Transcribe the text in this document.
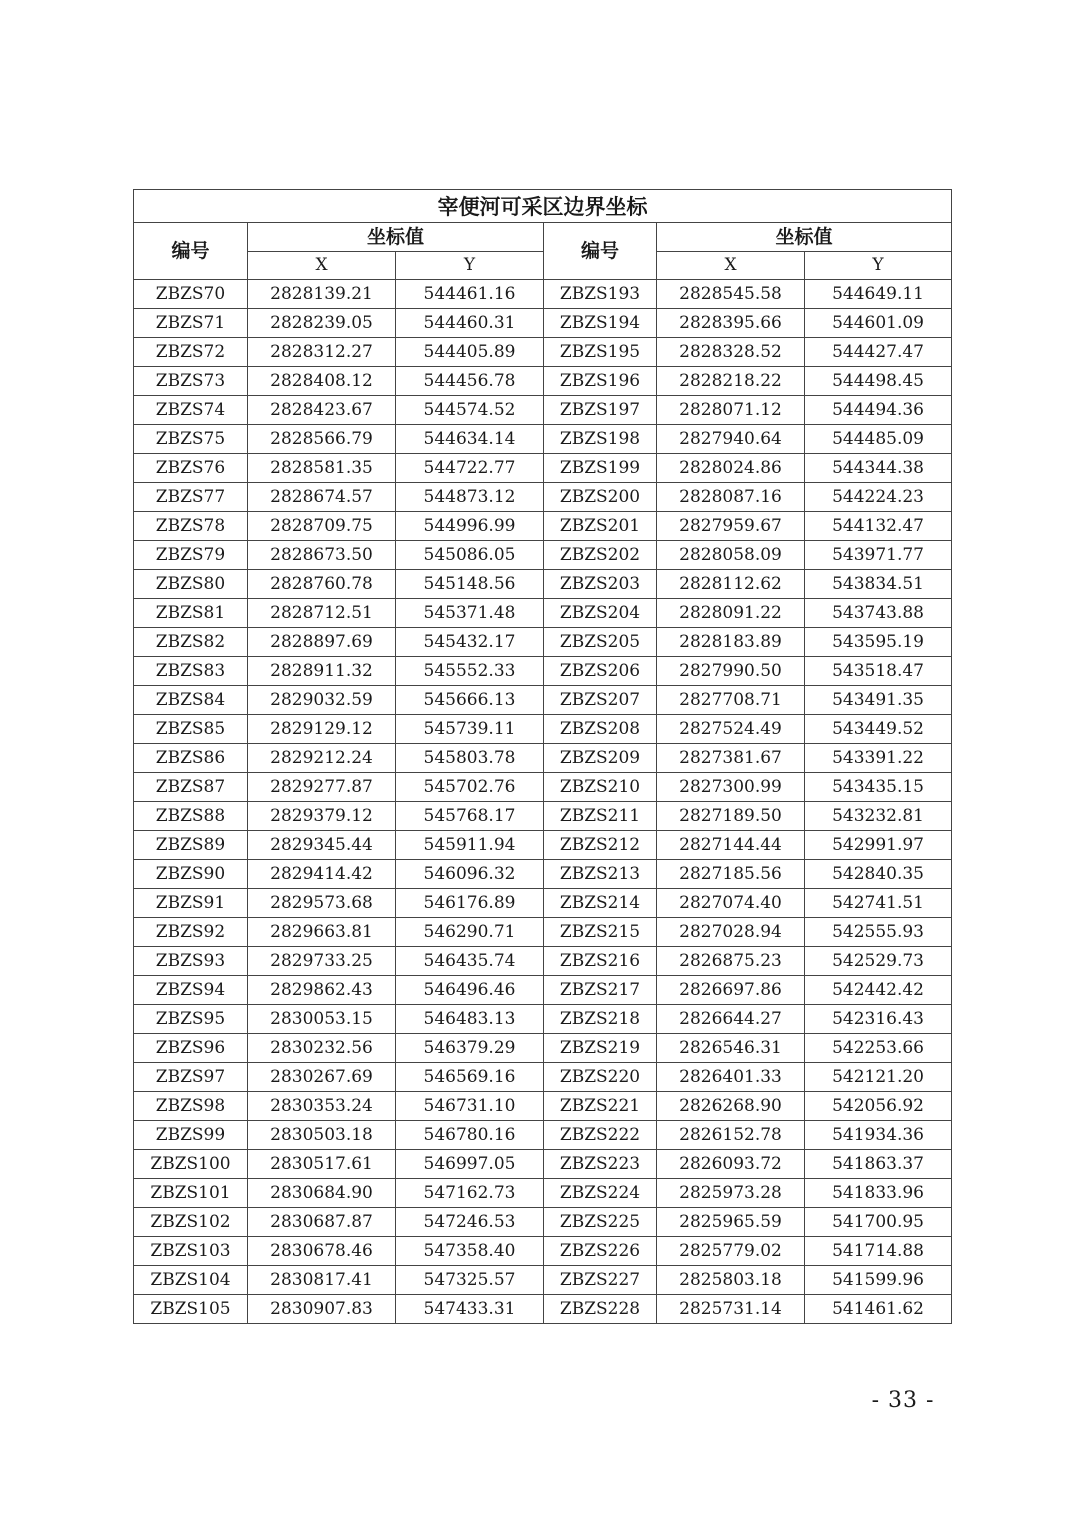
宰便河可采区边界坐标					
编号	坐标值		编号	坐标值	
	X	Y		X	Y
ZBZS70	2828139.21	544461.16	ZBZS193	2828545.58	544649.11
ZBZS71	2828239.05	544460.31	ZBZS194	2828395.66	544601.09
ZBZS72	2828312.27	544405.89	ZBZS195	2828328.52	544427.47
ZBZS73	2828408.12	544456.78	ZBZS196	2828218.22	544498.45
ZBZS74	2828423.67	544574.52	ZBZS197	2828071.12	544494.36
ZBZS75	2828566.79	544634.14	ZBZS198	2827940.64	544485.09
ZBZS76	2828581.35	544722.77	ZBZS199	2828024.86	544344.38
ZBZS77	2828674.57	544873.12	ZBZS200	2828087.16	544224.23
ZBZS78	2828709.75	544996.99	ZBZS201	2827959.67	544132.47
ZBZS79	2828673.50	545086.05	ZBZS202	2828058.09	543971.77
ZBZS80	2828760.78	545148.56	ZBZS203	2828112.62	543834.51
ZBZS81	2828712.51	545371.48	ZBZS204	2828091.22	543743.88
ZBZS82	2828897.69	545432.17	ZBZS205	2828183.89	543595.19
ZBZS83	2828911.32	545552.33	ZBZS206	2827990.50	543518.47
ZBZS84	2829032.59	545666.13	ZBZS207	2827708.71	543491.35
ZBZS85	2829129.12	545739.11	ZBZS208	2827524.49	543449.52
ZBZS86	2829212.24	545803.78	ZBZS209	2827381.67	543391.22
ZBZS87	2829277.87	545702.76	ZBZS210	2827300.99	543435.15
ZBZS88	2829379.12	545768.17	ZBZS211	2827189.50	543232.81
ZBZS89	2829345.44	545911.94	ZBZS212	2827144.44	542991.97
ZBZS90	2829414.42	546096.32	ZBZS213	2827185.56	542840.35
ZBZS91	2829573.68	546176.89	ZBZS214	2827074.40	542741.51
ZBZS92	2829663.81	546290.71	ZBZS215	2827028.94	542555.93
ZBZS93	2829733.25	546435.74	ZBZS216	2826875.23	542529.73
ZBZS94	2829862.43	546496.46	ZBZS217	2826697.86	542442.42
ZBZS95	2830053.15	546483.13	ZBZS218	2826644.27	542316.43
ZBZS96	2830232.56	546379.29	ZBZS219	2826546.31	542253.66
ZBZS97	2830267.69	546569.16	ZBZS220	2826401.33	542121.20
ZBZS98	2830353.24	546731.10	ZBZS221	2826268.90	542056.92
ZBZS99	2830503.18	546780.16	ZBZS222	2826152.78	541934.36
ZBZS100	2830517.61	546997.05	ZBZS223	2826093.72	541863.37
ZBZS101	2830684.90	547162.73	ZBZS224	2825973.28	541833.96
ZBZS102	2830687.87	547246.53	ZBZS225	2825965.59	541700.95
ZBZS103	2830678.46	547358.40	ZBZS226	2825779.02	541714.88
ZBZS104	2830817.41	547325.57	ZBZS227	2825803.18	541599.96
ZBZS105	2830907.83	547433.31	ZBZS228	2825731.14	541461.62
- 33 -
